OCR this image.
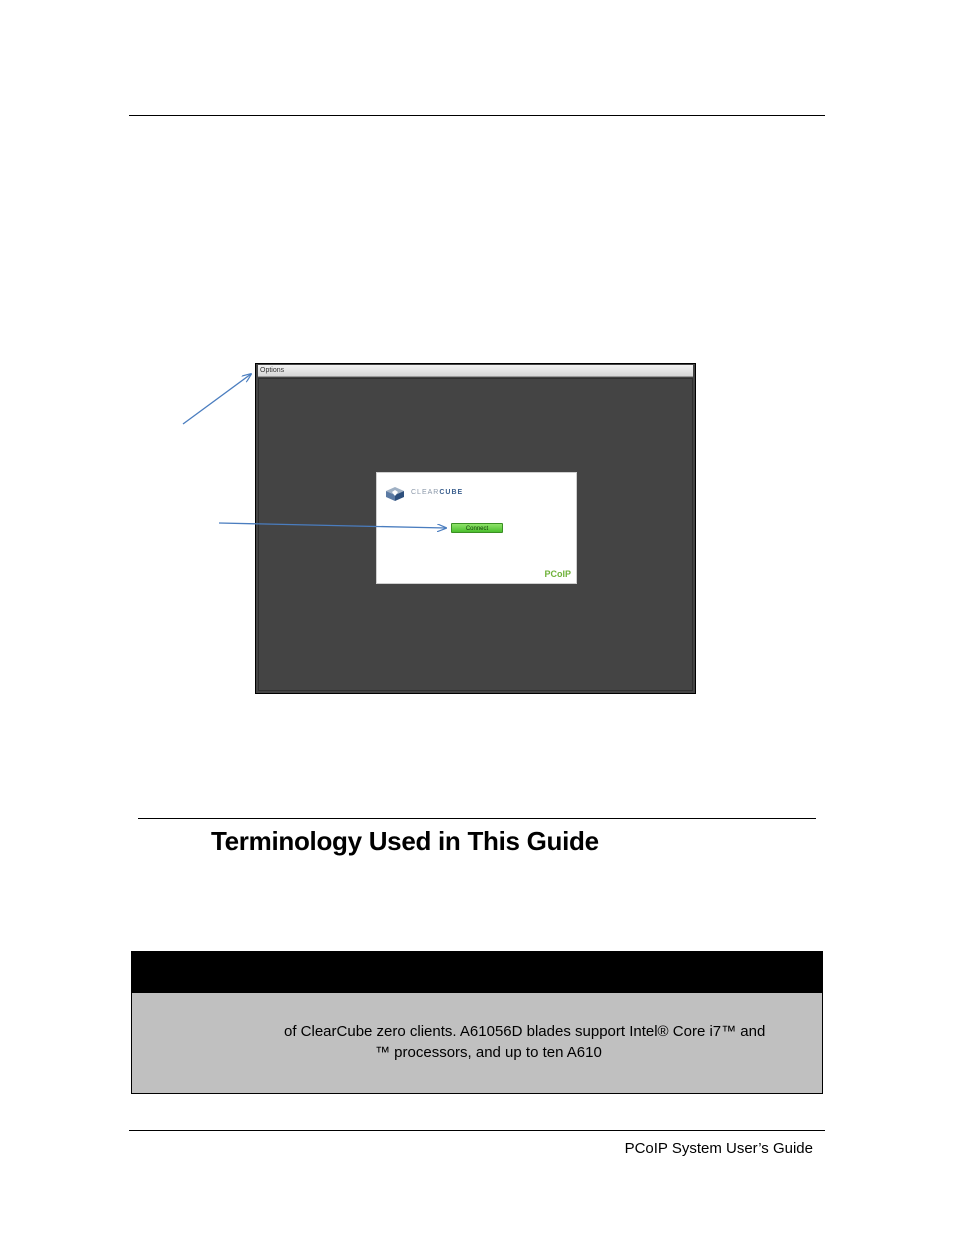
Options
CLEARCUBE
Connect
PCoIP
Terminology Used in This Guide
of ClearCube zero clients. A61056D blades support Intel® Core i7™ and
™ processors, and up to ten A610
PCoIP System User’s Guide
